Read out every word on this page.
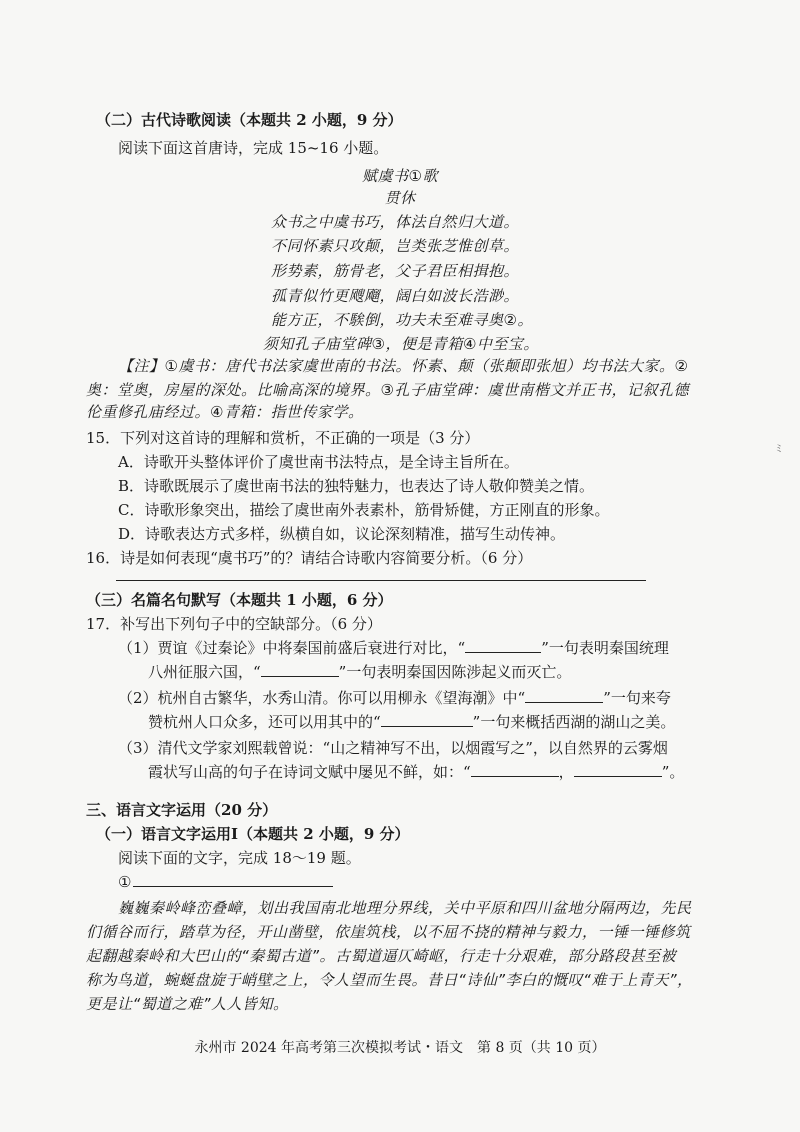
（二）古代诗歌阅读（本题共 2 小题，9 分）
阅读下面这首唐诗，完成 15~16 小题。
赋虞书①歌
贯休
众书之中虞书巧，体法自然归大道。
不同怀素只攻颠，岂类张芝惟创草。
形势素，筋骨老，父子君臣相揖抱。
孤青似竹更飕飗，阔白如波长浩渺。
能方正，不騃倒，功夫未至难寻奥②。
须知孔子庙堂碑③，便是青箱④中至宝。
【注】①虞书：唐代书法家虞世南的书法。怀素、颠（张颠即张旭）均书法大家。②
奥：堂奥，房屋的深处。比喻高深的境界。③孔子庙堂碑：虞世南楷文并正书，记叙孔德
伦重修孔庙经过。④青箱：指世传家学。
15．下列对这首诗的理解和赏析，不正确的一项是（3 分）
A．诗歌开头整体评价了虞世南书法特点，是全诗主旨所在。
B．诗歌既展示了虞世南书法的独特魅力，也表达了诗人敬仰赞美之情。
C．诗歌形象突出，描绘了虞世南外表素朴，筋骨矫健，方正刚直的形象。
D．诗歌表达方式多样，纵横自如，议论深刻精准，描写生动传神。
16．诗是如何表现“虞书巧”的？请结合诗歌内容简要分析。（6 分）
（三）名篇名句默写（本题共 1 小题，6 分）
17．补写出下列句子中的空缺部分。（6 分）
（1）贾谊《过秦论》中将秦国前盛后衰进行对比，“	”一句表明秦国统理
八州征服六国，“	”一句表明秦国因陈涉起义而灭亡。
（2）杭州自古繁华，水秀山清。你可以用柳永《望海潮》中“	”一句来夸
赞杭州人口众多，还可以用其中的“	”一句来概括西湖的湖山之美。
（3）清代文学家刘熙载曾说：“山之精神写不出，以烟霞写之”，以自然界的云雾烟
霞状写山高的句子在诗词文赋中屡见不鲜，如：“	，	”。
三、语言文字运用（20 分）
（一）语言文字运用Ⅰ（本题共 2 小题，9 分）
阅读下面的文字，完成 18～19 题。
①
巍巍秦岭峰峦叠嶂，划出我国南北地理分界线，关中平原和四川盆地分隔两边，先民
们循谷而行，踏草为径，开山凿壁，依崖筑栈，以不屈不挠的精神与毅力，一锤一锤修筑
起翻越秦岭和大巴山的“秦蜀古道”。古蜀道逼仄崎岖，行走十分艰难，部分路段甚至被
称为鸟道，蜿蜒盘旋于峭壁之上，令人望而生畏。昔日“诗仙”李白的慨叹“难于上青天”，
更是让“蜀道之难”人人皆知。
永州市 2024 年高考第三次模拟考试・语文　第 8 页（共 10 页）
ﾐ
